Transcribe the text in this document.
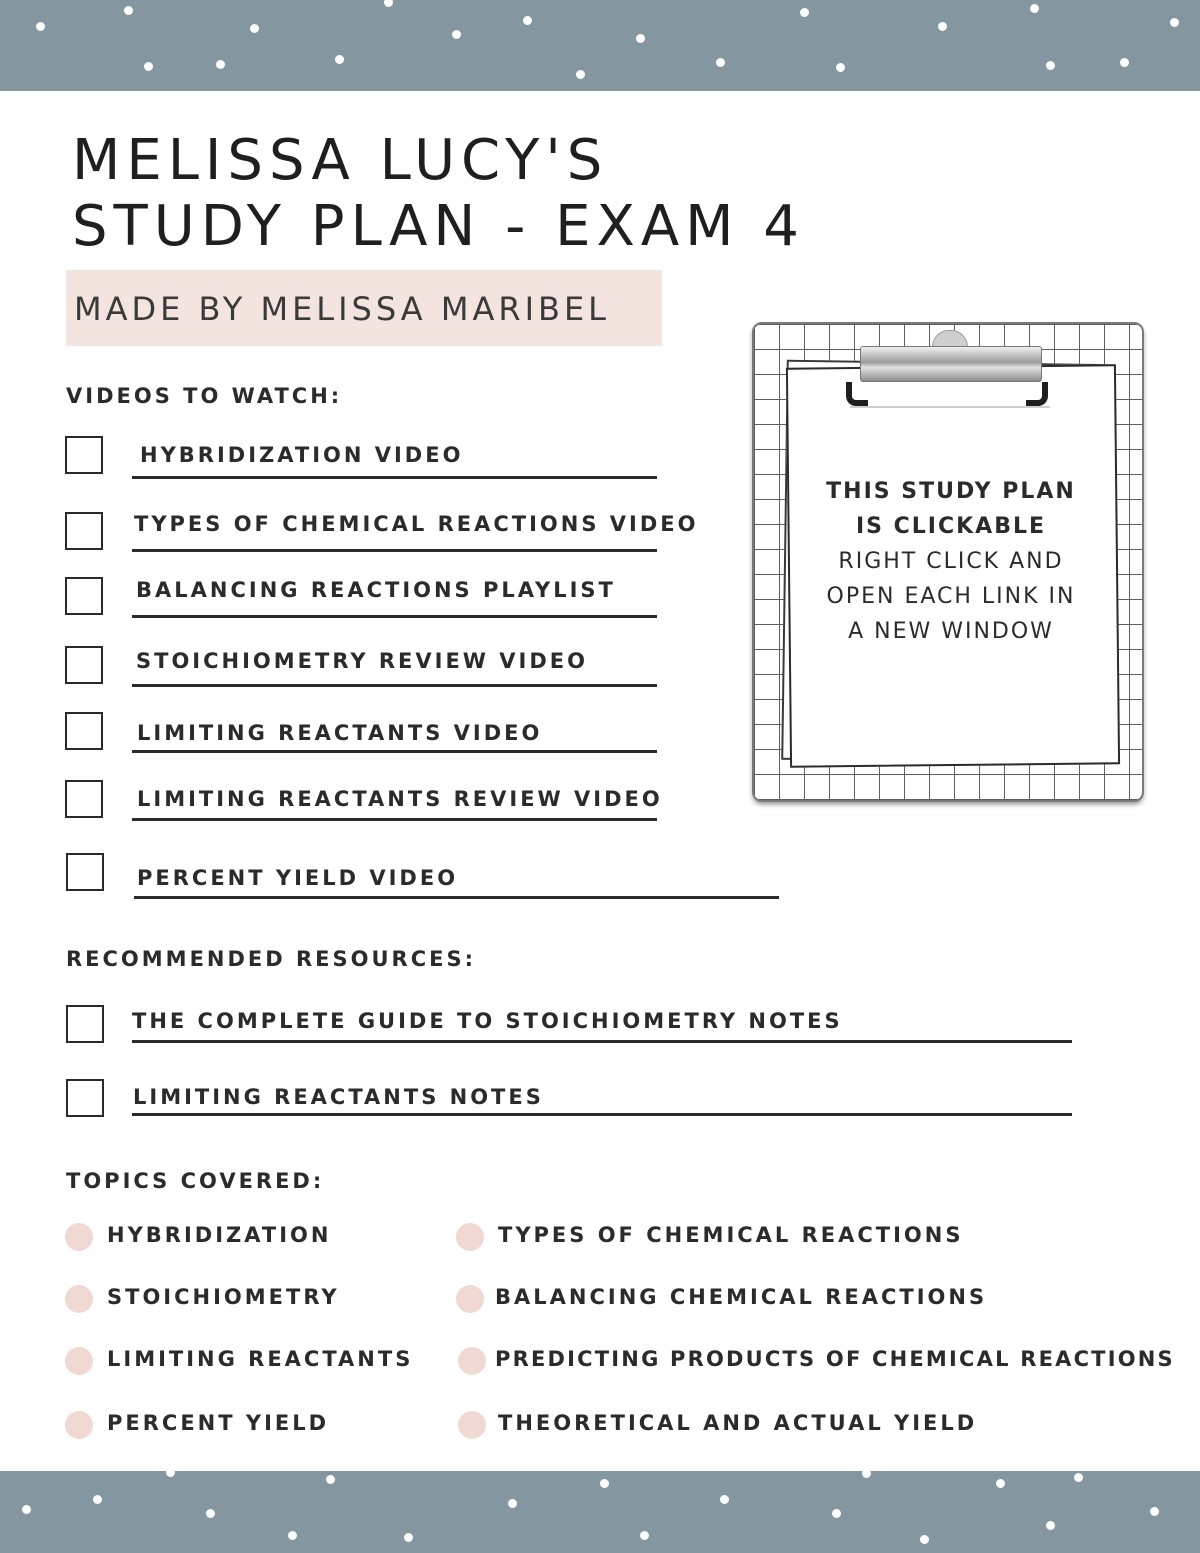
MELISSA LUCY'S
STUDY PLAN - EXAM 4
MADE BY MELISSA MARIBEL
VIDEOS TO WATCH:
HYBRIDIZATION VIDEO
TYPES OF CHEMICAL REACTIONS VIDEO
BALANCING REACTIONS PLAYLIST
STOICHIOMETRY REVIEW VIDEO
LIMITING REACTANTS VIDEO
LIMITING REACTANTS REVIEW VIDEO
PERCENT YIELD VIDEO
RECOMMENDED RESOURCES:
THE COMPLETE GUIDE TO STOICHIOMETRY NOTES
LIMITING REACTANTS NOTES
TOPICS COVERED:
HYBRIDIZATION
STOICHIOMETRY
LIMITING REACTANTS
PERCENT YIELD
TYPES OF CHEMICAL REACTIONS
BALANCING CHEMICAL REACTIONS
PREDICTING PRODUCTS OF CHEMICAL REACTIONS
THEORETICAL AND ACTUAL YIELD
THIS STUDY PLAN
IS CLICKABLE
RIGHT CLICK AND
OPEN EACH LINK IN
A NEW WINDOW
